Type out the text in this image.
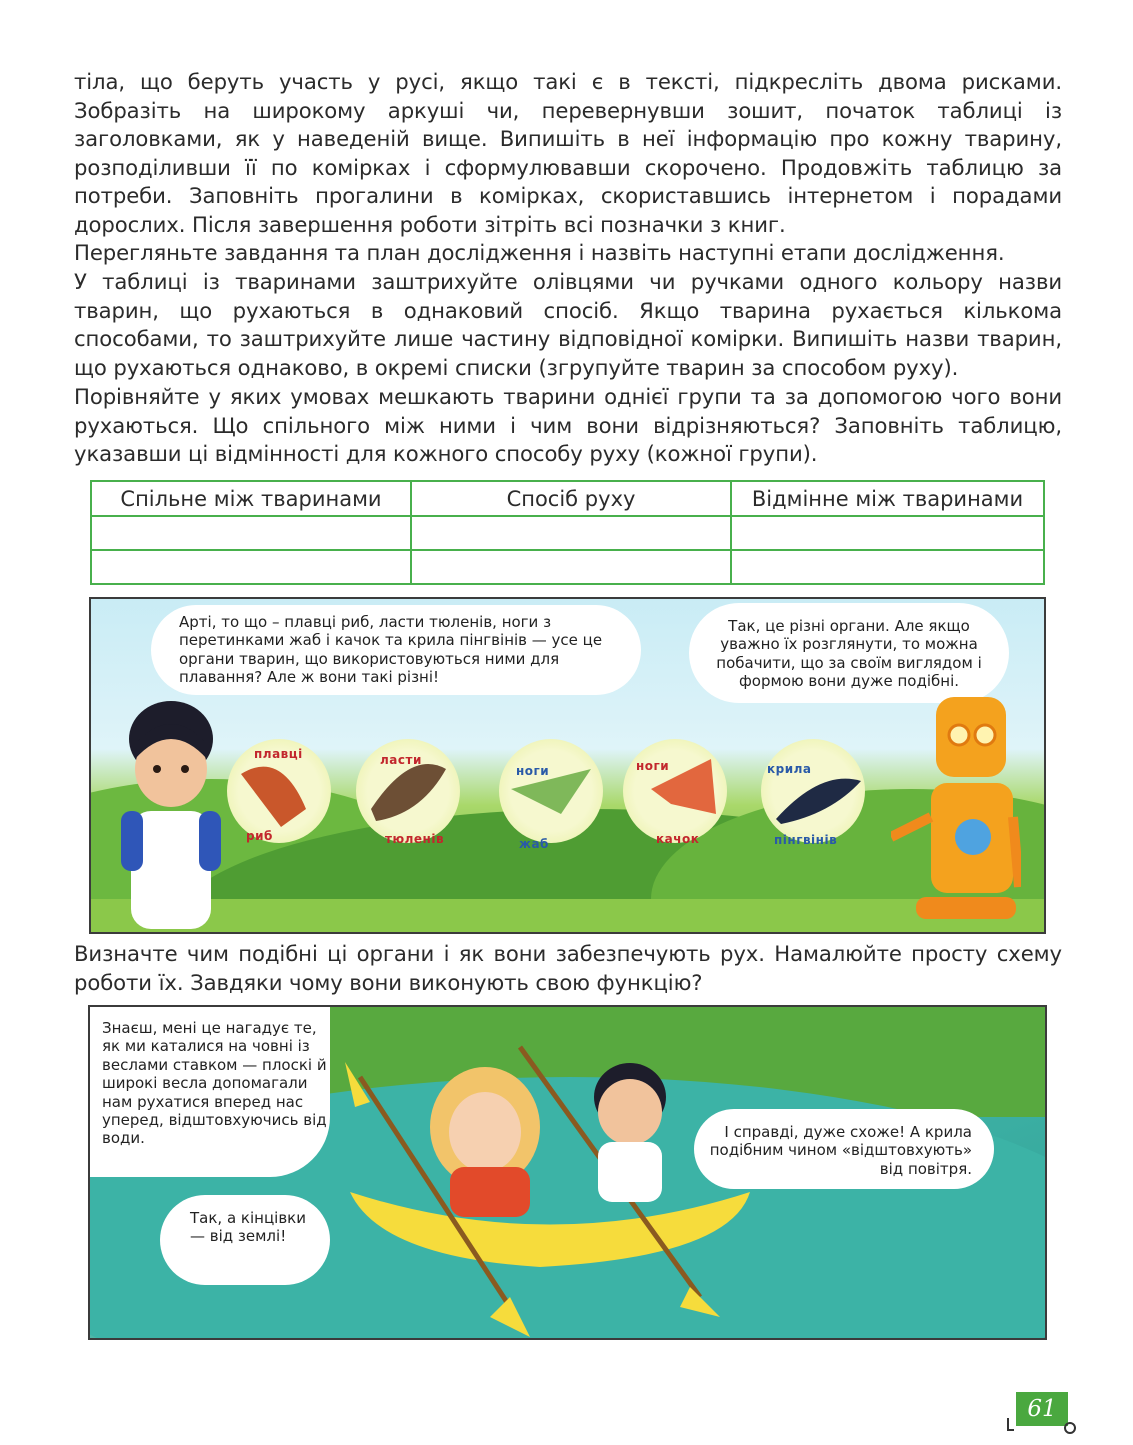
тіла, що беруть участь у русі, якщо такі є в тексті, підкресліть двома рисками. Зобразіть на широкому аркуші чи, перевернувши зошит, початок таблиці із заголовками, як у наведеній вище. Випишіть в неї інформацію про кожну тварину, розподіливши її по комірках і сформулювавши скорочено. Продовжіть таблицю за потреби. Заповніть прогалини в комірках, скориставшись інтернетом і порадами дорослих. Після завершення роботи зітріть всі позначки з книг.

Перегляньте завдання та план дослідження і назвіть наступні етапи дослідження.

У таблиці із тваринами заштрихуйте олівцями чи ручками одного кольору назви тварин, що рухаються в однаковий спосіб. Якщо тварина рухається кількома способами, то заштрихуйте лише частину відповідної комірки. Випишіть назви тварин, що рухаються однаково, в окремі списки (згрупуйте тварин за способом руху).

Порівняйте у яких умовах мешкають тварини однієї групи та за допомогою чого вони рухаються. Що спільного між ними і чим вони відрізняються? Заповніть таблицю, указавши ці відмінності для кожного способу руху (кожної групи).

Спільне між тваринами	Спосіб руху	Відмінне між тваринами

Арті, то що – плавці риб, ласти тюленів, ноги з перетинками жаб і качок та крила пінгвінів — усе це органи тварин, що використовуються ними для плавання? Але ж вони такі різні!
Так, це різні органи. Але якщо уважно їх розглянути, то можна побачити, що за своїм виглядом і формою вони дуже подібні.
плавці
риб
ласти
тюленів
ноги
жаб
ноги
качок
крила
пінгвінів

Визначте чим подібні ці органи і як вони забезпечують рух. Намалюйте просту схему роботи їх. Завдяки чому вони виконують свою функцію?

Знаєш, мені це нагадує те, як ми каталися на човні із веслами ставком — плоскі й широкі весла допомагали нам рухатися вперед нас уперед, відштовхуючись від води.	І справді, дуже схоже! А крила подібним чином «відштовхують» від повітря.
Так, а кінцівки — від землі!
61
